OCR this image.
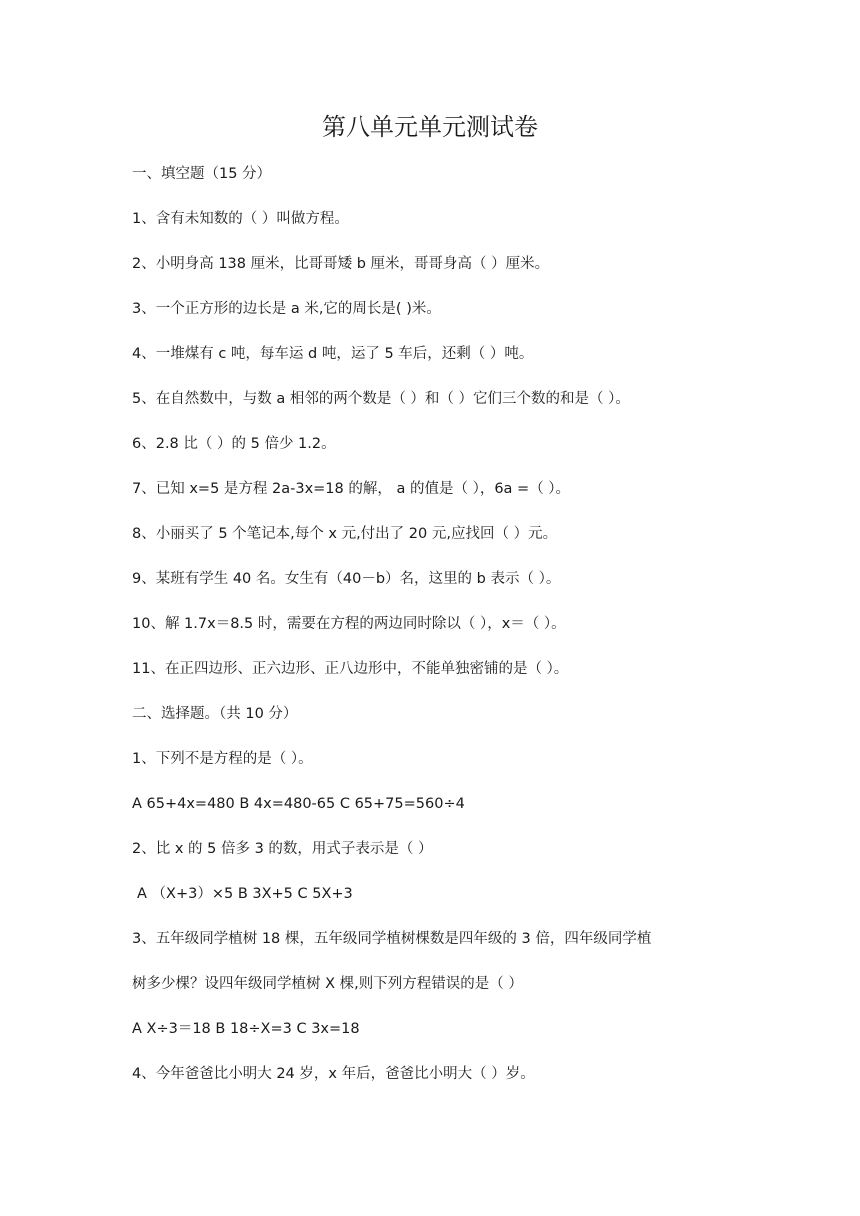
第八单元单元测试卷
一、填空题（15 分）
1、含有未知数的（ ）叫做方程。
2、小明身高 138 厘米，比哥哥矮 b 厘米，哥哥身高（ ）厘米。
3、一个正方形的边长是 a 米,它的周长是( )米。
4、一堆煤有 c 吨，每车运 d 吨，运了 5 车后，还剩（ ）吨。
5、在自然数中，与数 a 相邻的两个数是（ ）和（ ）它们三个数的和是（ ）。
6、2.8 比（ ）的 5 倍少 1.2。
7、已知 x=5 是方程 2a-3x=18 的解， a 的值是（ ），6a =（ ）。
8、小丽买了 5 个笔记本,每个 x 元,付出了 20 元,应找回（ ）元。
9、某班有学生 40 名。女生有（40－b）名，这里的 b 表示（ ）。
10、解 1.7x＝8.5 时，需要在方程的两边同时除以（ ），x＝（ ）。
11、在正四边形、正六边形、正八边形中，不能单独密铺的是（ ）。
二、选择题。（共 10 分）
1、下列不是方程的是（ ）。
A 65+4x=480 B 4x=480-65 C 65+75=560÷4
2、比 x 的 5 倍多 3 的数，用式子表示是（ ）
A （X+3）×5 B 3X+5 C 5X+3
3、五年级同学植树 18 棵，五年级同学植树棵数是四年级的 3 倍，四年级同学植
树多少棵？设四年级同学植树 X 棵,则下列方程错误的是（ ）
A X÷3＝18 B 18÷X=3 C 3x=18
4、今年爸爸比小明大 24 岁，x 年后，爸爸比小明大（ ）岁。
